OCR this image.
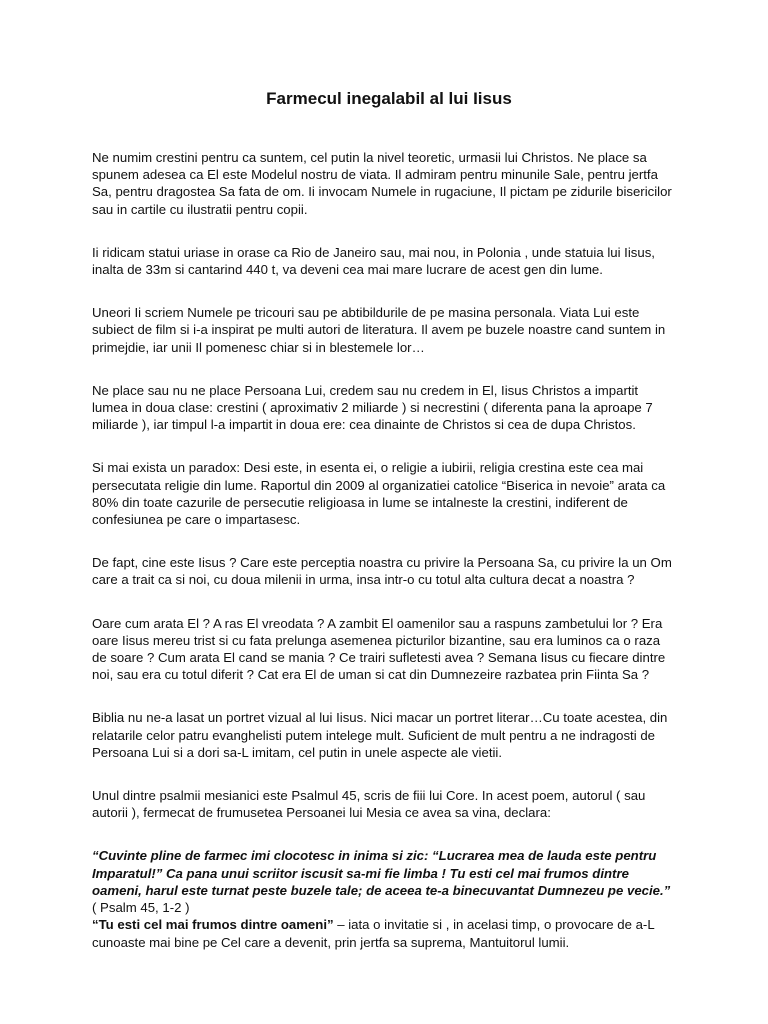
Farmecul inegalabil al lui Iisus

Ne numim crestini pentru ca suntem, cel putin la nivel teoretic, urmasii lui Christos. Ne place sa spunem adesea ca El este Modelul nostru de viata. Il admiram pentru minunile Sale, pentru jertfa Sa, pentru dragostea Sa fata de om. Ii invocam Numele in rugaciune, Il pictam pe zidurile bisericilor sau in cartile cu ilustratii pentru copii.

Ii ridicam statui uriase in orase ca Rio de Janeiro sau, mai nou, in Polonia , unde statuia lui Iisus, inalta de 33m si cantarind 440 t, va deveni cea mai mare lucrare de acest gen din lume.

Uneori Ii scriem Numele pe tricouri sau pe abtibildurile de pe masina personala. Viata Lui este subiect de film si i-a inspirat pe multi autori de literatura. Il avem pe buzele noastre cand suntem in primejdie, iar unii Il pomenesc chiar si in blestemele lor…

Ne place sau nu ne place Persoana Lui, credem sau nu credem in El, Iisus Christos a impartit lumea in doua clase: crestini ( aproximativ 2 miliarde ) si necrestini ( diferenta pana la aproape 7 miliarde ), iar timpul l-a impartit in doua ere: cea dinainte de Christos si cea de dupa Christos.

Si mai exista un paradox: Desi este, in esenta ei, o religie a iubirii, religia crestina este cea mai persecutata religie din lume. Raportul din 2009 al organizatiei catolice “Biserica in nevoie” arata ca 80% din toate cazurile de persecutie religioasa in lume se intalneste la crestini, indiferent de confesiunea pe care o impartasesc.

De fapt, cine este Iisus ? Care este perceptia noastra cu privire la Persoana Sa, cu privire la un Om care a trait ca si noi, cu doua milenii in urma, insa intr-o cu totul alta cultura decat a noastra ?

Oare cum arata El ? A ras El vreodata ? A zambit El oamenilor sau a raspuns zambetului lor ? Era oare Iisus mereu trist si cu fata prelunga asemenea picturilor bizantine, sau era luminos ca o raza de soare ? Cum arata El cand se mania ? Ce trairi sufletesti avea ? Semana Iisus cu fiecare dintre noi, sau era cu totul diferit ? Cat era El de uman si cat din Dumnezeire razbatea prin Fiinta Sa ?

Biblia nu ne-a lasat un portret vizual al lui Iisus. Nici macar un portret literar…Cu toate acestea, din relatarile celor patru evanghelisti putem intelege mult. Suficient de mult pentru a ne indragosti de Persoana Lui si a dori sa-L imitam, cel putin in unele aspecte ale vietii.

Unul dintre psalmii mesianici este Psalmul 45, scris de fiii lui Core. In acest poem, autorul ( sau autorii ), fermecat de frumusetea Persoanei lui Mesia ce avea sa vina, declara:

“Cuvinte pline de farmec imi clocotesc in inima si zic: “Lucrarea mea de lauda este pentru Imparatul!” Ca pana unui scriitor iscusit sa-mi fie limba ! Tu esti cel mai frumos dintre oameni, harul este turnat peste buzele tale; de aceea te-a binecuvantat Dumnezeu pe vecie.” ( Psalm 45, 1-2 )

“Tu esti cel mai frumos dintre oameni” – iata o invitatie si , in acelasi timp, o provocare de a-L cunoaste mai bine pe Cel care a devenit, prin jertfa sa suprema, Mantuitorul lumii.
